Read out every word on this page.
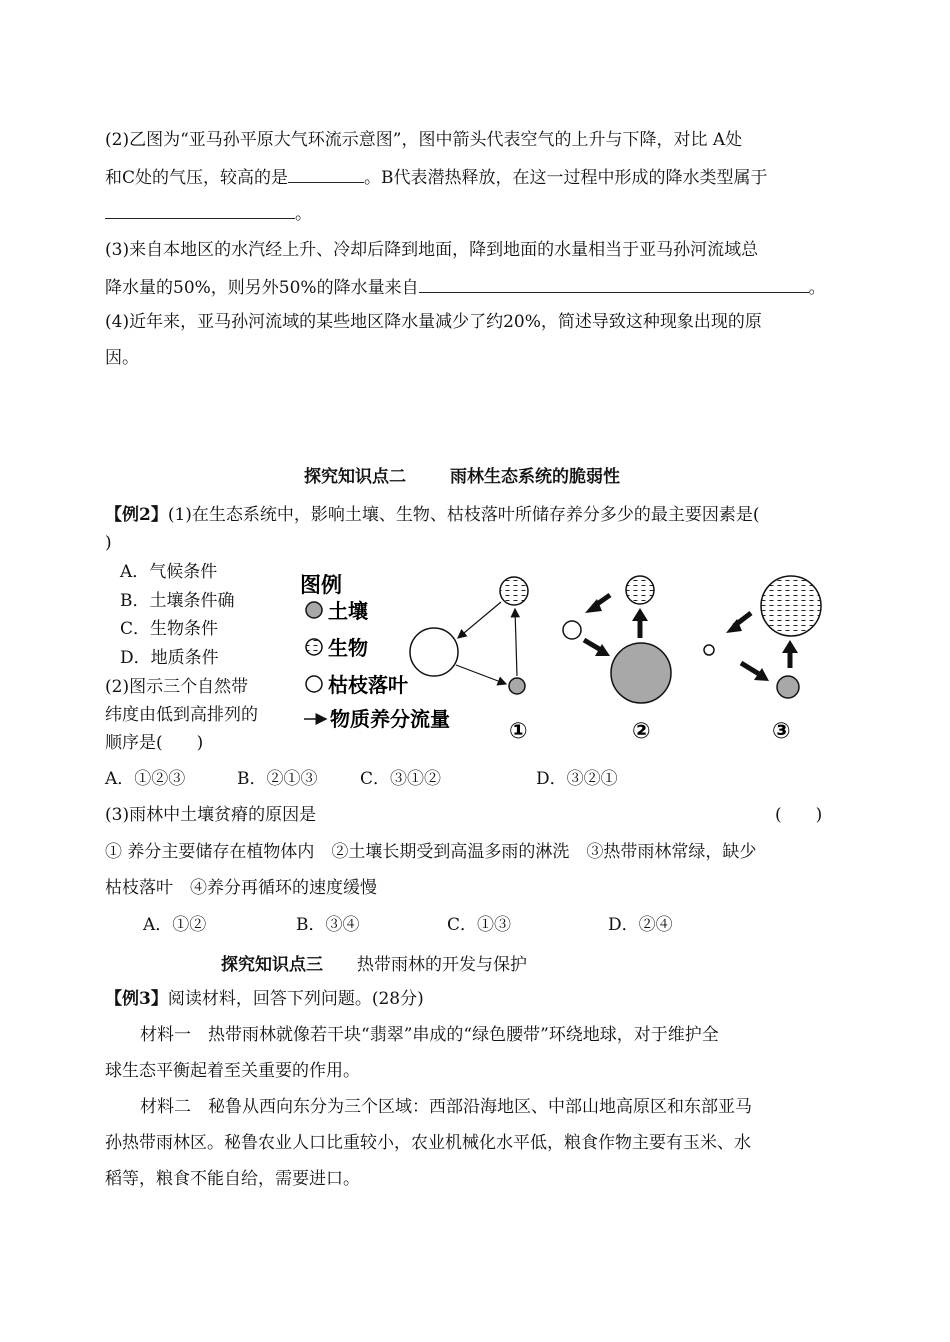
(2)乙图为“亚马孙平原大气环流示意图”，图中箭头代表空气的上升与下降，对比 A处
和C处的气压，较高的是	。B代表潜热释放，在这一过程中形成的降水类型属于
。
(3)来自本地区的水汽经上升、冷却后降到地面，降到地面的水量相当于亚马孙河流域总
降水量的50%，则另外50%的降水量来自	。
(4)近年来，亚马孙河流域的某些地区降水量减少了约20%，简述导致这种现象出现的原
因。
探究知识点二	雨林生态系统的脆弱性
【例2】(1)在生态系统中，影响土壤、生物、枯枝落叶所储存养分多少的最主要因素是(
)
A．气候条件
B．土壤条件确
C．生物条件
D．地质条件
(2)图示三个自然带
纬度由低到高排列的
顺序是(　　)
图例
土壤
生物
枯枝落叶
物质养分流量	①	②	③
A．①②③	B．②①③	C．③①②	D．③②①
(3)雨林中土壤贫瘠的原因是	(　　)
① 养分主要储存在植物体内　②土壤长期受到高温多雨的淋洗　③热带雨林常绿，缺少
枯枝落叶　④养分再循环的速度缓慢
A．①②	B．③④	C．①③	D．②④
探究知识点三 热带雨林的开发与保护
【例3】阅读材料，回答下列问题。(28分)
材料一　热带雨林就像若干块“翡翠”串成的“绿色腰带”环绕地球，对于维护全
球生态平衡起着至关重要的作用。
材料二　秘鲁从西向东分为三个区域：西部沿海地区、中部山地高原区和东部亚马
孙热带雨林区。秘鲁农业人口比重较小，农业机械化水平低，粮食作物主要有玉米、水
稻等，粮食不能自给，需要进口。
